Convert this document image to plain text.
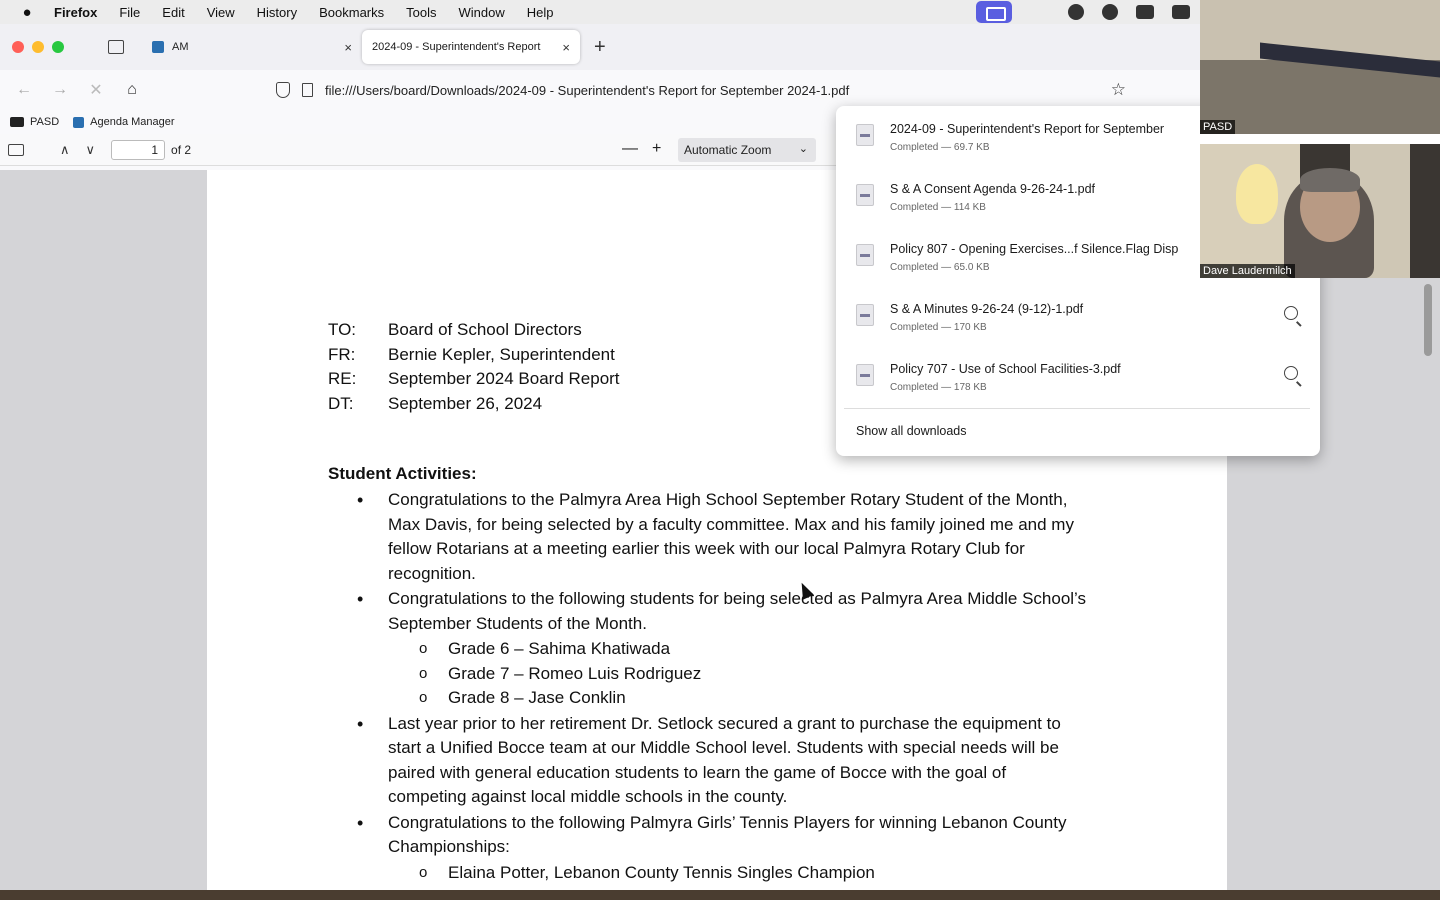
●	Firefox File Edit View History Bookmarks Tools Window Help
AM	× 2024-09 - Superintendent's Report	× +
←	→	✕	⌂	file:///Users/board/Downloads/2024-09 - Superintendent's Report for September 2024-1.pdf	☆
PASD	Agenda Manager
∧ ∨	1	of 2	— +	Automatic Zoom ⌄
TO:	Board of School Directors
FR:	Bernie Kepler, Superintendent
RE:	September 2024 Board Report
DT:	September 26, 2024
Student Activities:
• Congratulations to the Palmyra Area High School September Rotary Student of the Month, Max Davis, for being selected by a faculty committee. Max and his family joined me and my fellow Rotarians at a meeting earlier this week with our local Palmyra Rotary Club for recognition.
• Congratulations to the following students for being selected as Palmyra Area Middle School’s September Students of the Month.
o Grade 6 – Sahima Khatiwada
o Grade 7 – Romeo Luis Rodriguez
o Grade 8 – Jase Conklin
• Last year prior to her retirement Dr. Setlock secured a grant to purchase the equipment to start a Unified Bocce team at our Middle School level. Students with special needs will be paired with general education students to learn the game of Bocce with the goal of competing against local middle schools in the county.
• Congratulations to the following Palmyra Girls’ Tennis Players for winning Lebanon County Championships:
o Elaina Potter, Lebanon County Tennis Singles Champion
2024-09 - Superintendent's Report for September
Completed — 69.7 KB
S & A Consent Agenda 9-26-24-1.pdf
Completed — 114 KB
Policy 807 - Opening Exercises...f Silence.Flag Disp
Completed — 65.0 KB
S & A Minutes 9-26-24 (9-12)-1.pdf
Completed — 170 KB
Policy 707 - Use of School Facilities-3.pdf
Completed — 178 KB
Show all downloads
PASD
Dave Laudermilch
